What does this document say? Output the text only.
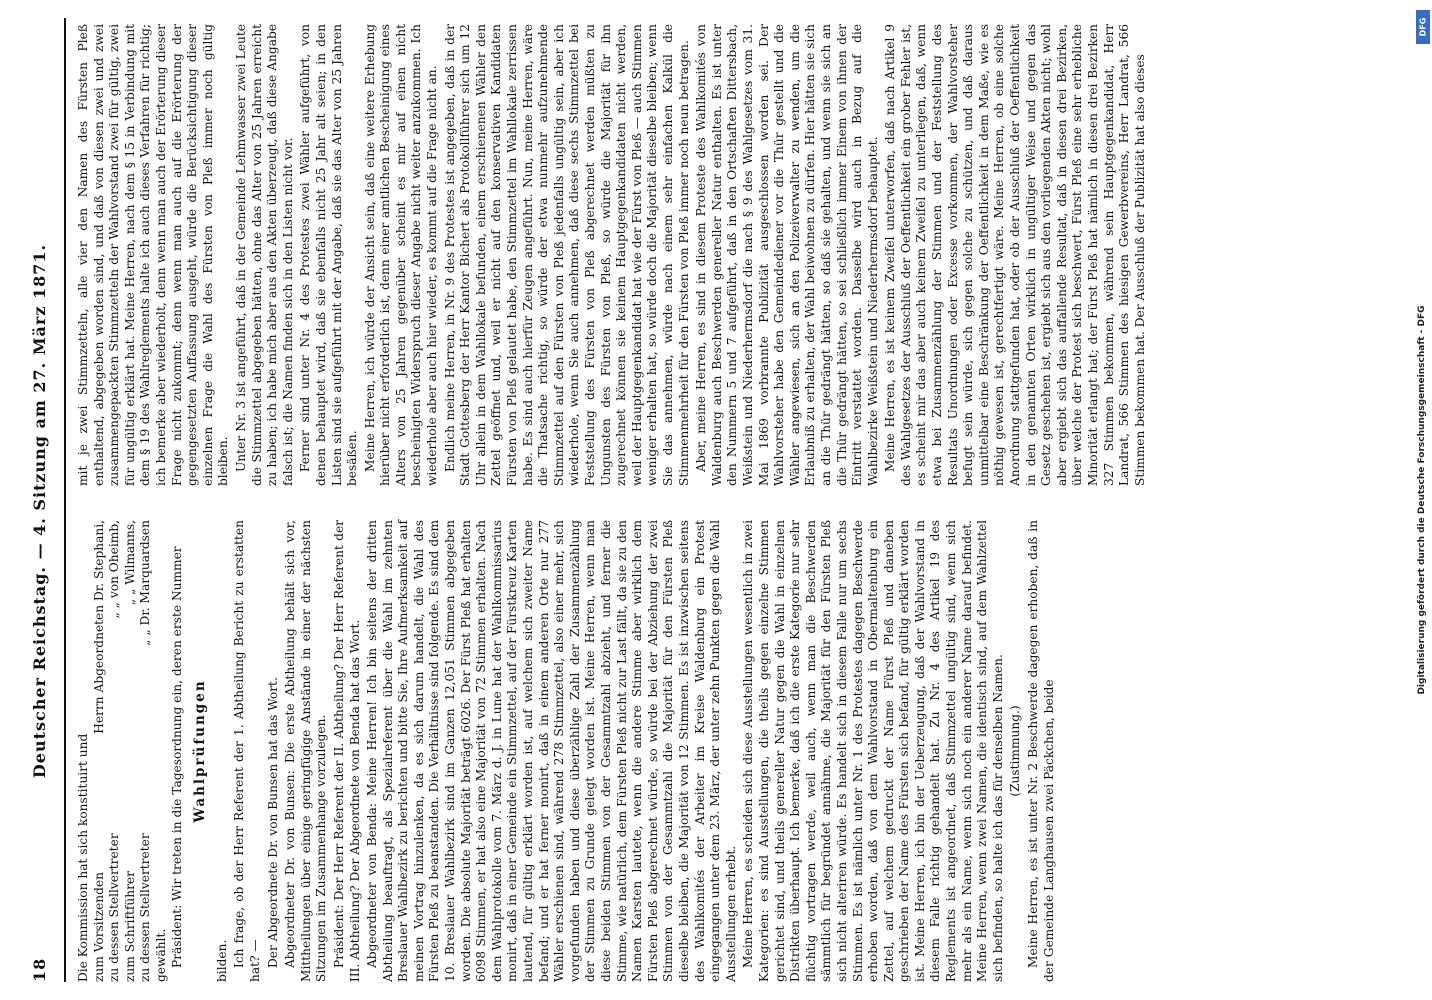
18
Deutscher Reichstag. — 4. Sitzung am 27. März 1871.
Die Kommission hat sich konstituirt und zum Vorsitzenden
Herrn Abgeordneten Dr. Stephani,
zu dessen Stellvertreter
„ „ von Oheimb,
zum Schriftführer
„ „ Wilmanns,
zu dessen Stellvertreter
„ „ Dr. Marquardsen
gewählt. Präsident: Wir treten in die Tagesordnung ein, deren erste Nummer Wahlprüfungen

bilden. Ich frage, ob der Herr Referent der 1. Abtheilung Bericht zu erstatten hat? — Der Abgeordnete Dr. von Bunsen hat das Wort. Abgeordneter Dr. von Bunsen: Die erste Abtheilung behält sich vor, Mittheilungen über einige geringfügige Anstände in einer der nächsten Sitzungen im Zusammenhange vorzulegen. Präsident: Der Herr Referent der II. Abtheilung? Der Herr Referent der III. Abtheilung? Der Abgeordnete von Benda hat das Wort. Abgeordneter von Benda: Meine Herren! Ich bin seitens der dritten Abtheilung beauftragt, als Spezialreferent über die Wahl im zehnten Breslauer Wahlbezirk zu berichten und bitte Sie, Ihre Aufmerksamkeit auf meinen Vortrag hinzulenken, da es sich darum handelt, die Wahl des Fürsten Pleß zu beanstanden. Die Verhältnisse sind folgende. Es sind dem 10. Breslauer Wahlbezirk sind im Ganzen 12,051 Stimmen abgegeben worden. Die absolute Majorität beträgt 6026. Der Fürst Pleß hat erhalten 6098 Stimmen, er hat also eine Majorität von 72 Stimmen erhalten. Nach dem Wahlprotokolle vom 7. März d. J. in Lune hat der Wahlkommissarius monirt, daß in einer Gemeinde ein Stimmzettel, auf der Fürstkreuz Karten lautend, für gültig erklärt worden ist, auf welchem sich zweiter Name befand; und er hat ferner monirt, daß in einem anderen Orte nur 277 Wähler erschienen sind, während 278 Stimmzettel, also einer mehr, sich vorgefunden haben und diese überzählige Zahl der Zusammenzählung der Stimmen zu Grunde gelegt worden ist. Meine Herren, wenn man diese beiden Stimmen von der Gesammtzahl abzieht, und ferner die Stimme, wie natürlich, dem Fürsten Pleß nicht zur Last fällt, da sie zu den Namen Karsten lautete, wenn die andere Stimme aber wirklich dem Fürsten Pleß abgerechnet würde, so würde bei der Abziehung der zwei Stimmen von der Gesammtzahl die Majorität für den Fürsten Pleß dieselbe bleiben, die Majorität von 12 Stimmen. Es ist inzwischen seitens des Wahlkomités der Arbeiter im Kreise Waldenburg ein Protest eingegangen unter dem 23. März, der unter zehn Punkten gegen die Wahl Ausstellungen erhebt. Meine Herren, es scheiden sich diese Ausstellungen wesentlich in zwei Kategorien: es sind Ausstellungen, die theils gegen einzelne Stimmen gerichtet sind, und theils genereller Natur gegen die Wahl in einzelnen Distrikten überhaupt. Ich bemerke, daß ich die erste Kategorie nur sehr flüchtig vortragen werde, weil auch, wenn man die Beschwerden sämmtlich für begründet annähme, die Majorität für den Fürsten Pleß sich nicht alteriren würde. Es handelt sich in diesem Falle nur um sechs Stimmen. Es ist nämlich unter Nr. 1 des Protestes dagegen Beschwerde erhoben worden, daß von dem Wahlvorstand in Obermaltenburg ein Zettel, auf welchem gedruckt der Name Fürst Pleß und daneben geschrieben der Name des Fürsten sich befand, für gültig erklärt worden ist. Meine Herren, ich bin der Ueberzeugung, daß der Wahlvorstand in diesem Falle richtig gehandelt hat. Zu Nr. 4 des Artikel 19 des Reglements ist angeordnet, daß Stimmzettel ungültig sind, wenn sich mehr als ein Name, wenn sich noch ein anderer Name darauf befindet. Meine Herren, wenn zwei Namen, die identisch sind, auf dem Wahlzettel sich befinden, so halte ich das für denselben Namen. (Zustimmung.) Meine Herren, es ist unter Nr. 2 Beschwerde dagegen erhoben, daß in der Gemeinde Langhausen zwei Päckchen, beide

mit je zwei Stimmzetteln, alle vier den Namen des Fürsten Pleß enthaltend, abgegeben worden sind, und daß von diesen zwei und zwei zusammengepackten Stimmzetteln der Wahlvorstand zwei für gültig, zwei für ungültig erklärt hat. Meine Herren, nach dem § 15 in Verbindung mit dem § 19 des Wahlreglements halte ich auch dieses Verfahren für richtig; ich bemerke aber wiederholt, denn wenn man auch der Erörterung dieser Frage nicht zukommt; denn wenn man auch auf die Erörterung der gegengesetzten Auffassung ausgeht, würde die Berücksichtigung dieser einzelnen Frage die Wahl des Fürsten von Pleß immer noch gültig bleiben. Unter Nr. 3 ist angeführt, daß in der Gemeinde Lehmwasser zwei Leute die Stimmzettel abgegeben hätten, ohne das Alter von 25 Jahren erreicht zu haben; ich habe mich aber aus den Akten überzeugt, daß diese Angabe falsch ist; die Namen finden sich in den Listen nicht vor. Ferner sind unter Nr. 4 des Protestes zwei Wähler aufgeführt, von denen behauptet wird, daß sie ebenfalls nicht 25 Jahr alt seien; in den Listen sind sie aufgeführt mit der Angabe, daß sie das Alter von 25 Jahren besäßen. Meine Herren, ich würde der Ansicht sein, daß eine weitere Erhebung hierüber nicht erforderlich ist, denn einer amtlichen Bescheinigung eines Alters von 25 Jahren gegenüber scheint es mir auf einen nicht bescheinigten Widerspruch dieser Angabe nicht weiter anzukommen. Ich wiederhole aber auch hier wieder, es kommt auf die Frage nicht an. Endlich meine Herren, in Nr. 9 des Protestes ist angegeben, daß in der Stadt Gottesberg der Herr Kantor Bichert als Protokollführer sich um 12 Uhr allein in dem Wahllokale befunden, einem erschienenen Wähler den Zettel geöffnet und, weil er nicht auf den konservativen Kandidaten Fürsten von Pleß gelautet habe, den Stimmzettel im Wahllokale zerrissen habe. Es sind auch hierfür Zeugen angeführt. Nun, meine Herren, wäre die Thatsache richtig, so würde der etwa nunmehr aufzunehmende Stimmzettel auf den Fürsten von Pleß jedenfalls ungültig sein, aber ich wiederhole, wenn Sie auch annehmen, daß diese sechs Stimmzettel bei Feststellung des Fürsten von Pleß abgerechnet werden müßten zu Ungunsten des Fürsten von Pleß, so würde die Majorität für ihn zugerechnet können sie keinem Hauptgegenkandidaten nicht werden, weil der Hauptgegenkandidat hat wie der Fürst von Pleß — auch Stimmen weniger erhalten hat, so würde doch die Majorität dieselbe bleiben; wenn Sie das annehmen, würde nach einem sehr einfachen Kalkül die Stimmenmehrheit für den Fürsten von Pleß immer noch neun betragen. Aber, meine Herren, es sind in diesem Proteste des Wahlkomités von Waldenburg auch Beschwerden genereller Natur enthalten. Es ist unter den Nummern 5 und 7 aufgeführt, daß in den Ortschaften Dittersbach, Weißstein und Niederhermsdorf die nach § 9 des Wahlgesetzes vom 31. Mai 1869 vorbrannte Publizität ausgeschlossen worden sei. Der Wahlvorsteher habe den Gemeindediener vor die Thür gestellt und die Wähler angewiesen, sich an den Polizeiverwalter zu wenden, um die Erlaubniß zu erhalten, der Wahl beiwohnen zu dürfen. Hier hätten sie sich an die Thür gedrängt hätten, so daß sie gehalten, und wenn sie sich an die Thür gedrängt hätten, so sei schließlich immer Einem von ihnen der Eintritt verstattet worden. Dasselbe wird auch in Bezug auf die Wahlbezirke Weißstein und Niederhermsdorf behauptet. Meine Herren, es ist keinem Zweifel unterworfen, daß nach Artikel 9 des Wahlgesetzes der Ausschluß der Oeffentlichkeit ein grober Fehler ist, es scheint mir das aber auch keinem Zweifel zu unterliegen, daß, wenn etwa bei Zusammenzählung der Stimmen und der Feststellung des Resultats Unordnungen oder Excesse vorkommen, der Wahlvorsteher befugt sein würde, sich gegen solche zu schützen, und daß daraus unmittelbar eine Beschränkung der Oeffentlichkeit in dem Maße, wie es nöthig gewesen ist, gerechtfertigt wäre. Meine Herren, ob eine solche Anordnung stattgefunden hat, oder ob der Ausschluß der Oeffentlichkeit in den genannten Orten wirklich in ungültiger Weise und gegen das Gesetz geschehen ist, ergiebt sich aus den vorliegenden Akten nicht; wohl aber ergiebt sich das auffallende Resultat, daß in diesen drei Bezirken, über welche der Protest sich beschwert, Fürst Pleß eine sehr erhebliche Minorität erlangt hat; der Fürst Pleß hat nämlich in diesen drei Bezirken 327 Stimmen bekommen, während sein Hauptgegenkandidat, Herr Landrat, 566 Stimmen des hiesigen Gewerbvereins, Herr Landrat, 566 Stimmen bekommen hat. Der Ausschluß der Publizität hat also dieses

Digitalisierung gefördert durch die Deutsche Forschungsgemeinschaft - DFG
DFG
